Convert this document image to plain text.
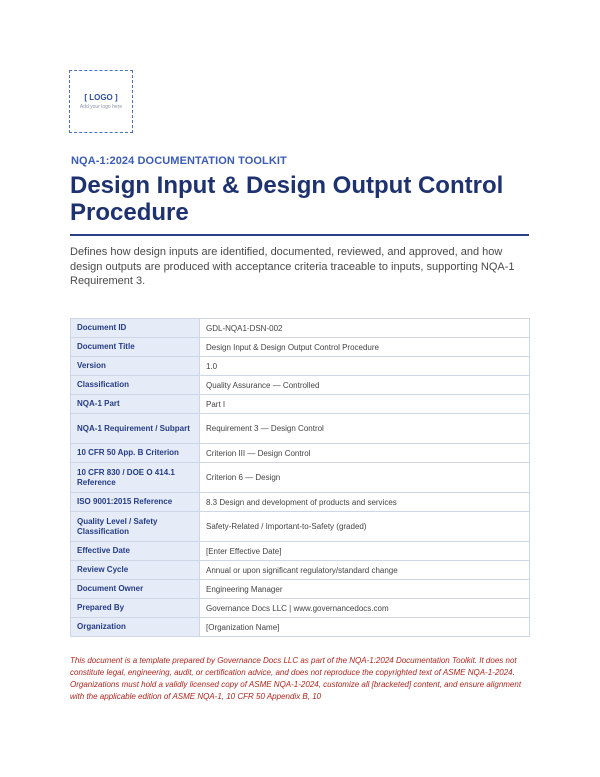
[ LOGO ]
Add your logo here
NQA-1:2024 DOCUMENTATION TOOLKIT
Design Input & Design Output Control Procedure

Defines how design inputs are identified, documented, reviewed, and approved, and how design outputs are produced with acceptance criteria traceable to inputs, supporting NQA-1 Requirement 3.

Document ID	GDL-NQA1-DSN-002
Document Title	Design Input & Design Output Control Procedure
Version	1.0
Classification	Quality Assurance — Controlled
NQA-1 Part	Part I
NQA-1 Requirement / Subpart	Requirement 3 — Design Control
10 CFR 50 App. B Criterion	Criterion III — Design Control
10 CFR 830 / DOE O 414.1 Reference	Criterion 6 — Design
ISO 9001:2015 Reference	8.3 Design and development of products and services
Quality Level / Safety Classification	Safety-Related / Important-to-Safety (graded)
Effective Date	[Enter Effective Date]
Review Cycle	Annual or upon significant regulatory/standard change
Document Owner	Engineering Manager
Prepared By	Governance Docs LLC | www.governancedocs.com
Organization	[Organization Name]
This document is a template prepared by Governance Docs LLC as part of the NQA-1:2024 Documentation Toolkit. It does not constitute legal, engineering, audit, or certification advice, and does not reproduce the copyrighted text of ASME NQA-1-2024. Organizations must hold a validly licensed copy of ASME NQA-1-2024, customize all [bracketed] content, and ensure alignment with the applicable edition of ASME NQA-1, 10 CFR 50 Appendix B, 10
